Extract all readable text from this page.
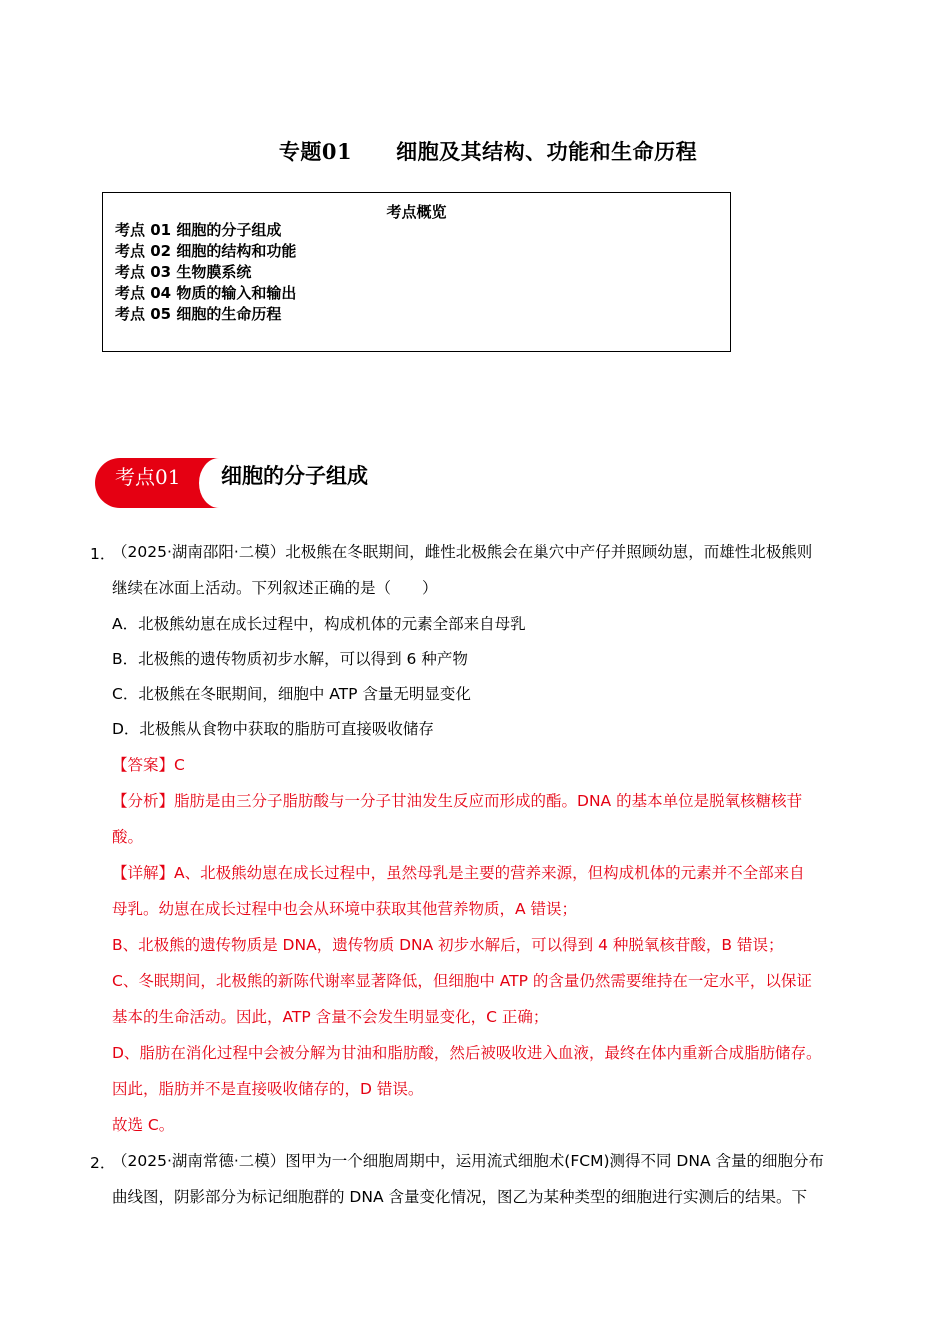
专题01 细胞及其结构、功能和生命历程
考点概览
考点 01 细胞的分子组成
考点 02 细胞的结构和功能
考点 03 生物膜系统
考点 04 物质的输入和输出
考点 05 细胞的生命历程
考点01 细胞的分子组成
1．
（2025·湖南邵阳·二模）北极熊在冬眠期间，雌性北极熊会在巢穴中产仔并照顾幼崽，而雄性北极熊则
继续在冰面上活动。下列叙述正确的是（　　）
A．北极熊幼崽在成长过程中，构成机体的元素全部来自母乳
B．北极熊的遗传物质初步水解，可以得到 6 种产物
C．北极熊在冬眠期间，细胞中 ATP 含量无明显变化
D．北极熊从食物中获取的脂肪可直接吸收储存
【答案】C
【分析】脂肪是由三分子脂肪酸与一分子甘油发生反应而形成的酯。DNA 的基本单位是脱氧核糖核苷
酸。
【详解】A、北极熊幼崽在成长过程中，虽然母乳是主要的营养来源，但构成机体的元素并不全部来自
母乳。幼崽在成长过程中也会从环境中获取其他营养物质，A 错误；
B、北极熊的遗传物质是 DNA，遗传物质 DNA 初步水解后，可以得到 4 种脱氧核苷酸，B 错误；
C、冬眠期间，北极熊的新陈代谢率显著降低，但细胞中 ATP 的含量仍然需要维持在一定水平，以保证
基本的生命活动。因此，ATP 含量不会发生明显变化，C 正确；
D、脂肪在消化过程中会被分解为甘油和脂肪酸，然后被吸收进入血液，最终在体内重新合成脂肪储存。
因此，脂肪并不是直接吸收储存的，D 错误。
故选 C。
2．
（2025·湖南常德·二模）图甲为一个细胞周期中，运用流式细胞术(FCM)测得不同 DNA 含量的细胞分布
曲线图，阴影部分为标记细胞群的 DNA 含量变化情况，图乙为某种类型的细胞进行实测后的结果。下
